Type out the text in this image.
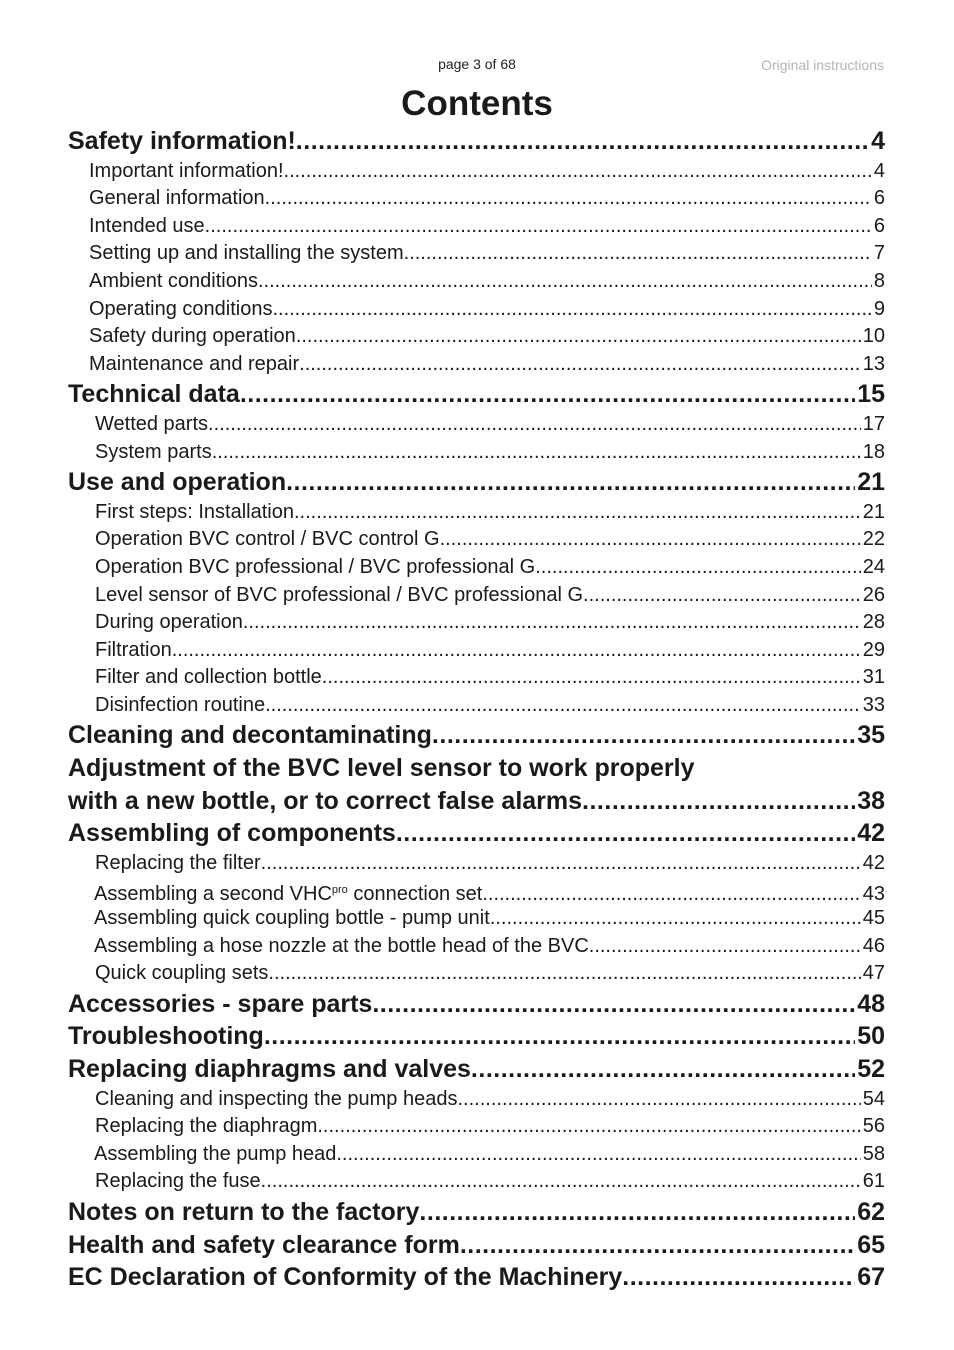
page 3 of 68	Original instructions
Contents
Safety information! .....	4
Important information! .....	4
General information .....	6
Intended use .....	6
Setting up and installing the system .....	7
Ambient conditions .....	8
Operating conditions .....	9
Safety during operation .....	10
Maintenance and repair .....	13
Technical data .....	15
Wetted parts .....	17
System parts .....	18
Use and operation .....	21
First steps: Installation .....	21
Operation BVC control / BVC control G .....	22
Operation BVC professional / BVC professional G .....	24
Level sensor of BVC professional / BVC professional G .....	26
During operation .....	28
Filtration .....	29
Filter and collection bottle .....	31
Disinfection routine .....	33
Cleaning and decontaminating .....	35
Adjustment of the BVC level sensor to work properly
with a new bottle, or to correct false alarms .....	38
Assembling of components .....	42
Replacing the filter .....	42
Assembling a second $VHC^{pro}$ connection set .....	43
Assembling quick coupling bottle - pump unit .....	45
Assembling a hose nozzle at the bottle head of the BVC .....	46
Quick coupling sets .....	47
Accessories - spare parts .....	48
Troubleshooting .....	50
Replacing diaphragms and valves .....	52
Cleaning and inspecting the pump heads .....	54
Replacing the diaphragm .....	56
Assembling the pump head .....	58
Replacing the fuse .....	61
Notes on return to the factory .....	62
Health and safety clearance form .....	65
EC Declaration of Conformity of the Machinery .....	67
